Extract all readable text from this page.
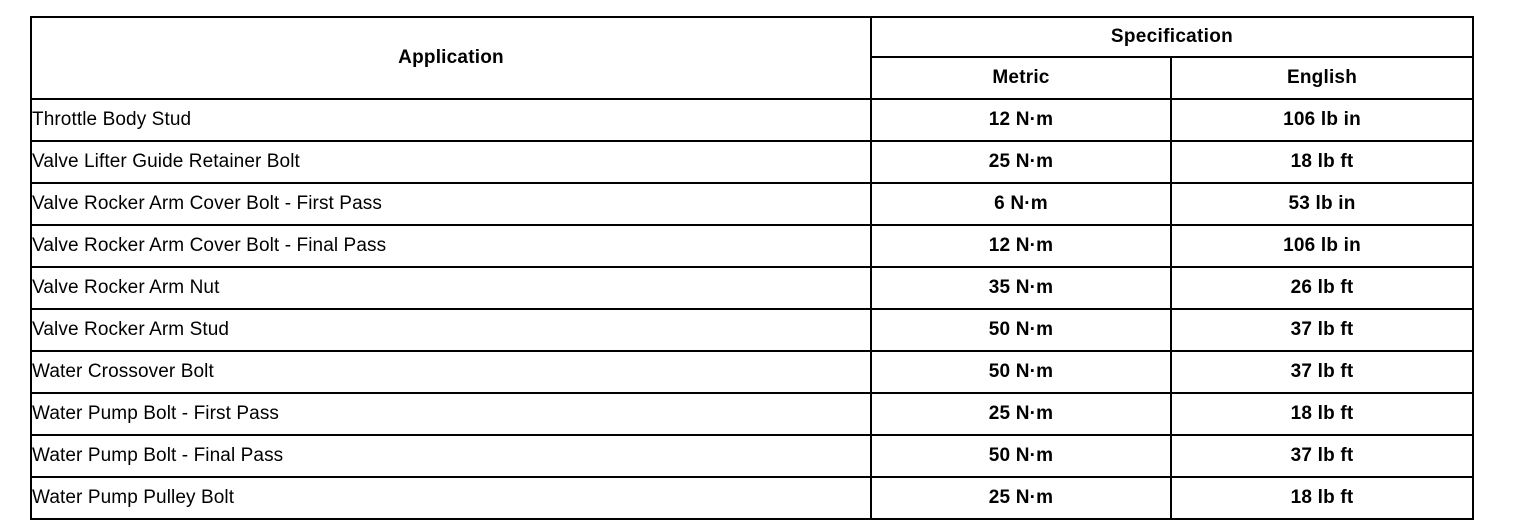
Application	Specification	
	Metric	English
Throttle Body Stud	12 N·m	106 lb in
Valve Lifter Guide Retainer Bolt	25 N·m	18 lb ft
Valve Rocker Arm Cover Bolt - First Pass	6 N·m	53 lb in
Valve Rocker Arm Cover Bolt - Final Pass	12 N·m	106 lb in
Valve Rocker Arm Nut	35 N·m	26 lb ft
Valve Rocker Arm Stud	50 N·m	37 lb ft
Water Crossover Bolt	50 N·m	37 lb ft
Water Pump Bolt - First Pass	25 N·m	18 lb ft
Water Pump Bolt - Final Pass	50 N·m	37 lb ft
Water Pump Pulley Bolt	25 N·m	18 lb ft
